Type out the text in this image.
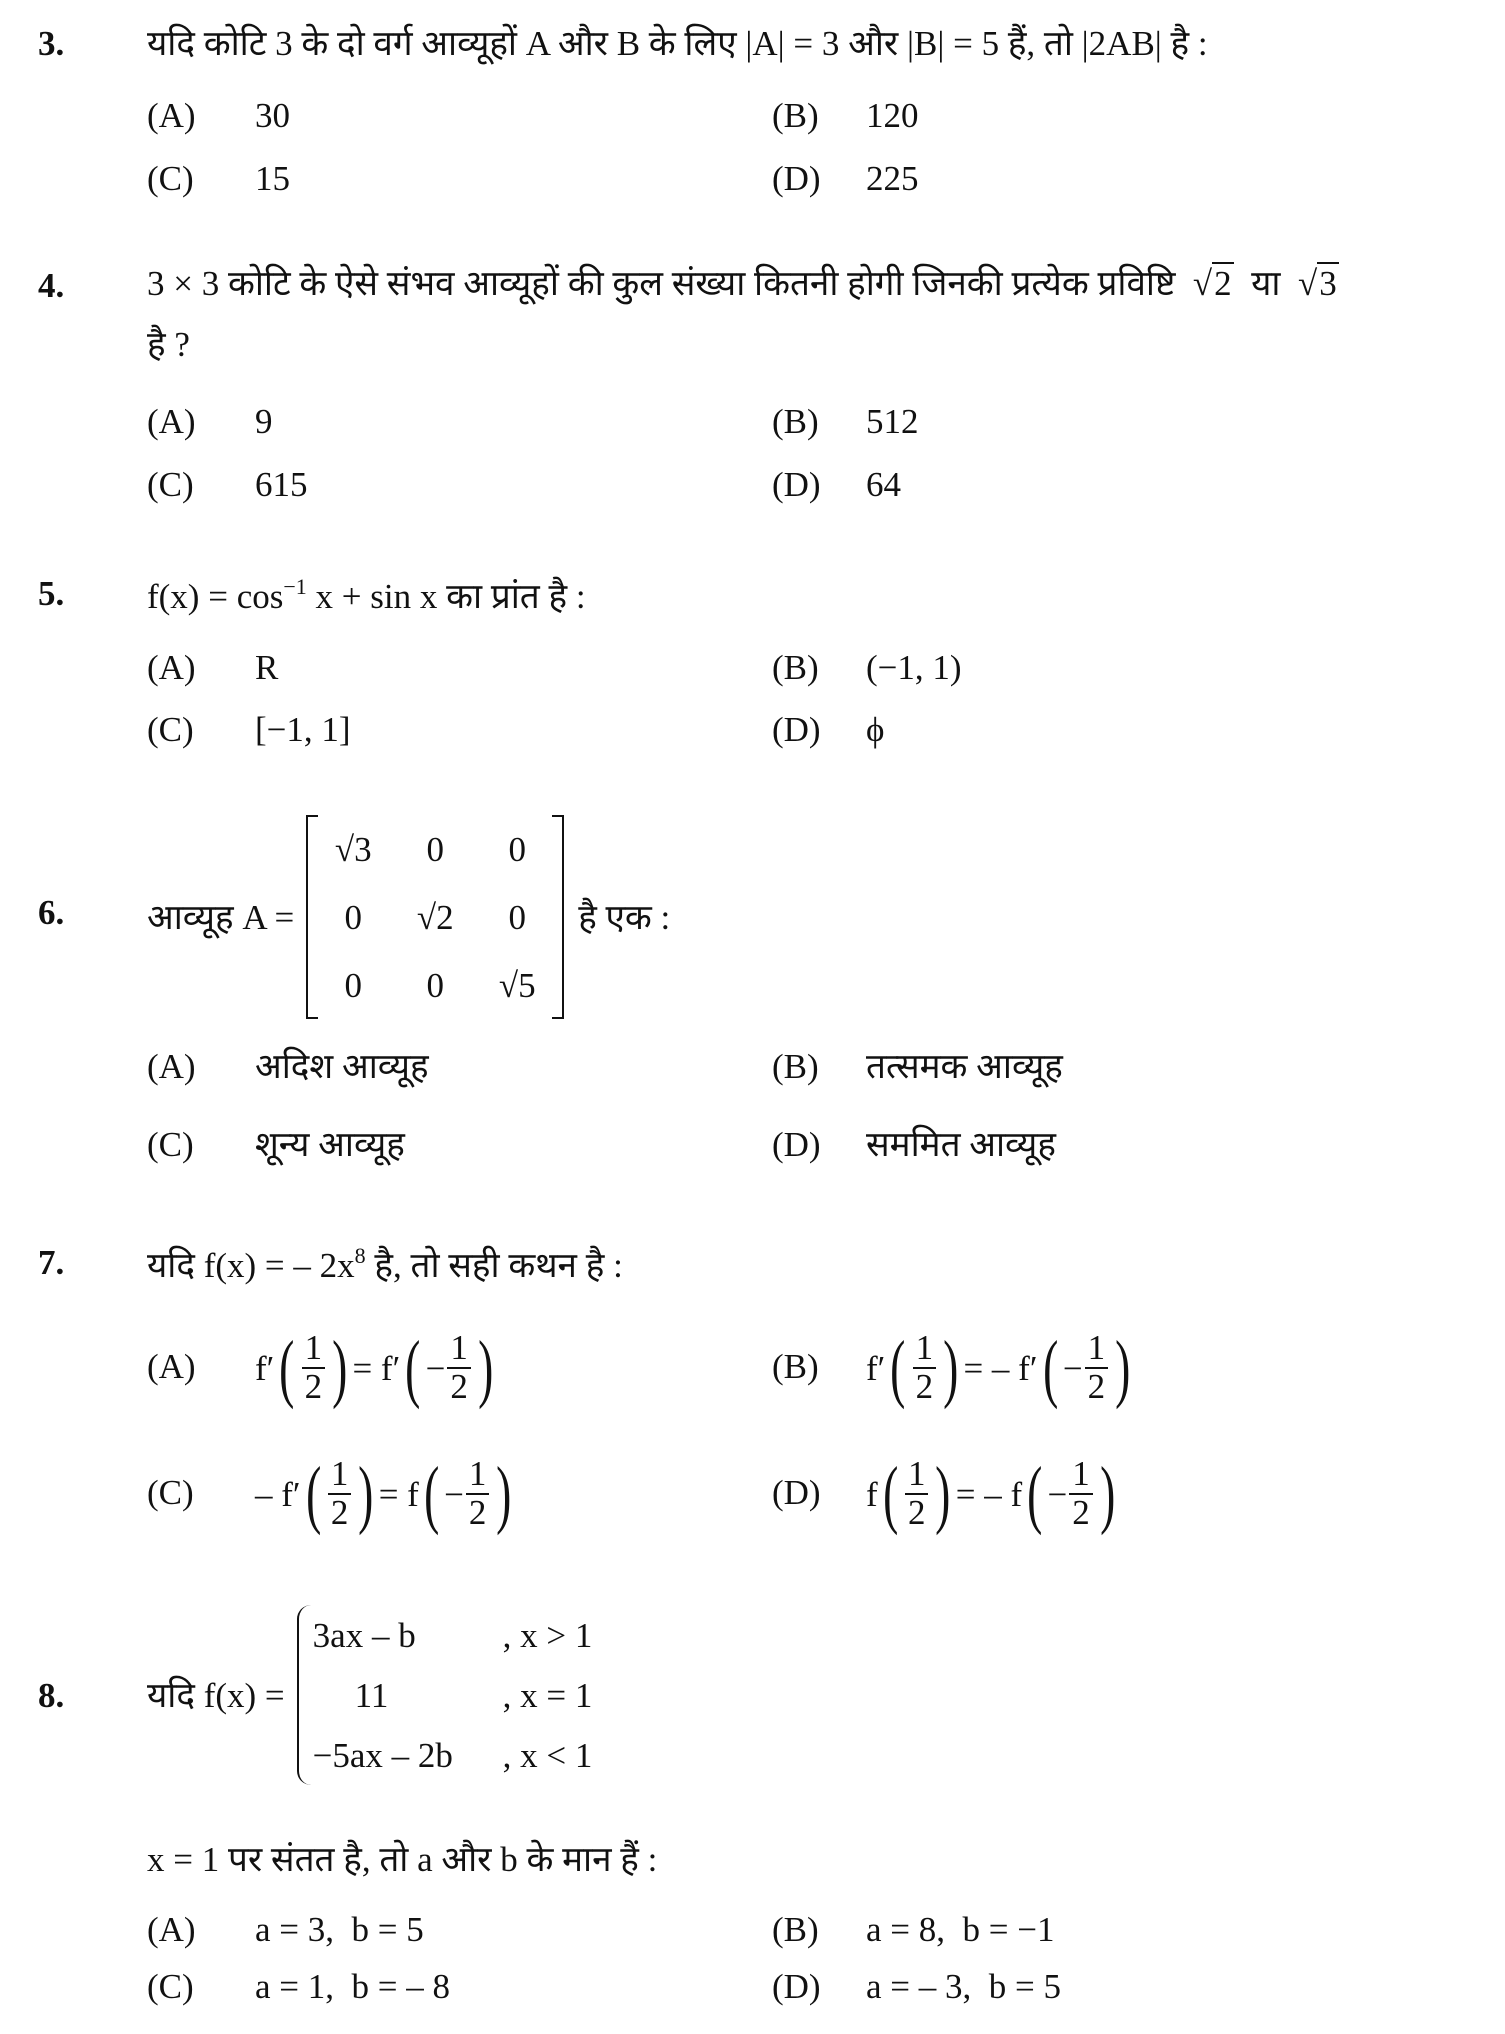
3. यदि कोटि 3 के दो वर्ग आव्यूहों A और B के लिए |A| = 3 और |B| = 5 हैं, तो |2AB| है :
(A) 30	(B) 120
(C) 15	(D) 225
4. 3 × 3 कोटि के ऐसे संभव आव्यूहों की कुल संख्या कितनी होगी जिनकी प्रत्येक प्रविष्टि  √2 या √3
है ?
(A) 9	(B) 512
(C) 615	(D) 64
5. $f(x) = \cos^{-1} x + \sin x$ का प्रांत है :
(A) R	(B) (−1, 1)
(C) [−1, 1]	(D) ϕ
6. आव्यूह A =
√3	0	0
0	√2	0
0	0	√5
है एक :
(A) अदिश आव्यूह	(B) तत्समक आव्यूह
(C) शून्य आव्यूह	(D) सममित आव्यूह
7. यदि f(x) = – $2x^8$ है, तो सही कथन है :
(A) f′ ( $\frac{1}{2}$ ) = f′ ( − $\frac{1}{2}$ )	(B) f′ ( $\frac{1}{2}$ ) = – f′ ( − $\frac{1}{2}$ )
(C) – f′ ( $\frac{1}{2}$ ) = f ( − $\frac{1}{2}$ )	(D) f ( $\frac{1}{2}$ ) = – f ( − $\frac{1}{2}$ )
8. यदि f(x) =
3ax – b	, x > 1
11	, x = 1
−5ax – 2b	, x < 1
x = 1 पर संतत है, तो a और b के मान हैं :
(A) a = 3,  b = 5	(B) a = 8,  b = −1
(C) a = 1,  b = – 8	(D) a = – 3,  b = 5
